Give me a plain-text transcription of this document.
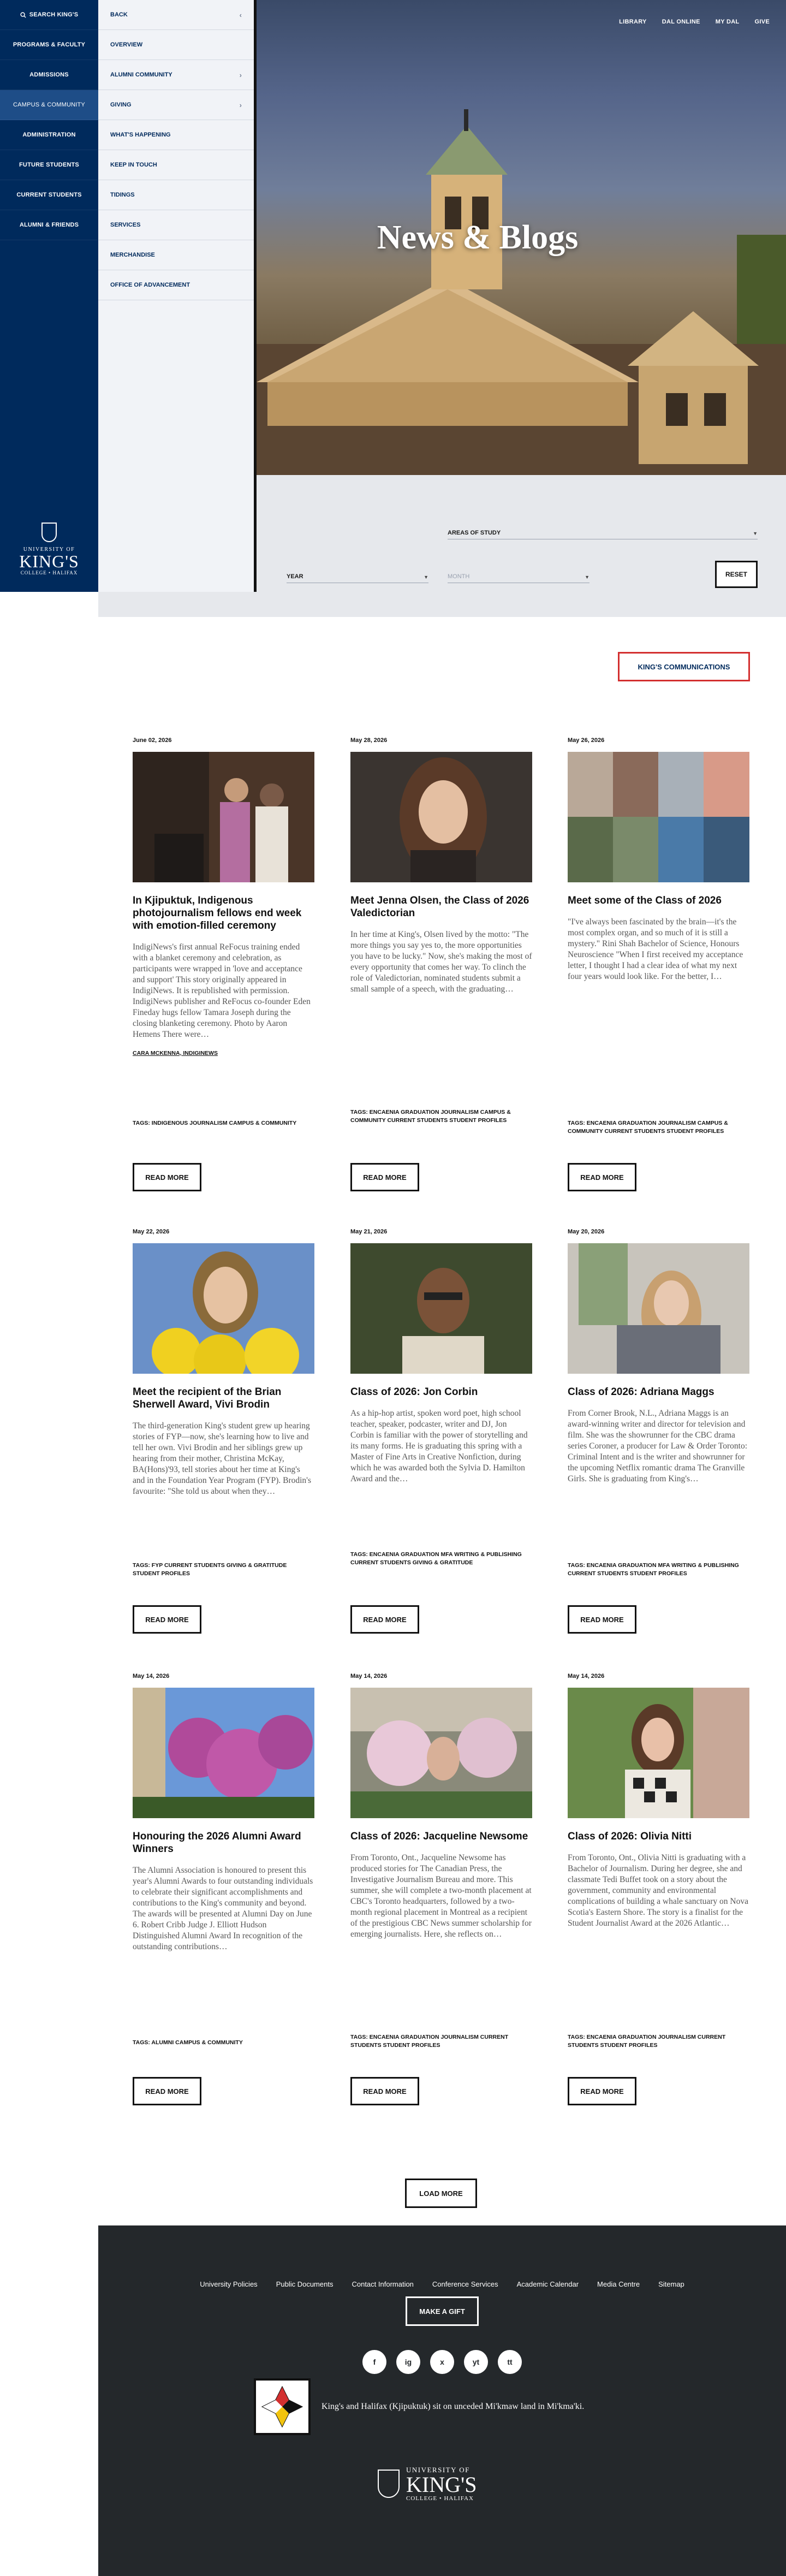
SEARCH KING'S
PROGRAMS & FACULTY
ADMISSIONS
CAMPUS & COMMUNITY
ADMINISTRATION
FUTURE STUDENTS
CURRENT STUDENTS
ALUMNI & FRIENDS
UNIVERSITY OF
KING'S
COLLEGE • HALIFAX
BACK	‹
OVERVIEW
ALUMNI COMMUNITY	›
GIVING	›
WHAT'S HAPPENING
KEEP IN TOUCH
TIDINGS
SERVICES
MERCHANDISE
OFFICE OF ADVANCEMENT
LIBRARY	DAL ONLINE	MY DAL	GIVE
News & Blogs
AREAS OF STUDY	▼
YEAR	▼	MONTH	▼	RESET
KING'S COMMUNICATIONS
June 02, 2026
In Kjipuktuk, Indigenous photojournalism fellows end week with emotion-filled ceremony

IndigiNews's first annual ReFocus training ended with a blanket ceremony and celebration, as participants were wrapped in 'love and acceptance and support' This story originally appeared in IndigiNews. It is republished with permission. IndigiNews publisher and ReFocus co-founder Eden Fineday hugs fellow Tamara Joseph during the closing blanketing ceremony. Photo by Aaron Hemens There were…

CARA MCKENNA, INDIGINEWS
TAGS: INDIGENOUS JOURNALISM CAMPUS & COMMUNITY
READ MORE
May 28, 2026
Meet Jenna Olsen, the Class of 2026 Valedictorian

In her time at King's, Olsen lived by the motto: "The more things you say yes to, the more opportunities you have to be lucky." Now, she's making the most of every opportunity that comes her way. To clinch the role of Valedictorian, nominated students submit a small sample of a speech, with the graduating…

TAGS: ENCAENIA GRADUATION JOURNALISM CAMPUS & COMMUNITY CURRENT STUDENTS STUDENT PROFILES
READ MORE
May 26, 2026
Meet some of the Class of 2026

"I've always been fascinated by the brain—it's the most complex organ, and so much of it is still a mystery." Rini Shah Bachelor of Science, Honours Neuroscience "When I first received my acceptance letter, I thought I had a clear idea of what my next four years would look like. For the better, I…

TAGS: ENCAENIA GRADUATION JOURNALISM CAMPUS & COMMUNITY CURRENT STUDENTS STUDENT PROFILES
READ MORE
May 22, 2026
Meet the recipient of the Brian Sherwell Award, Vivi Brodin

The third-generation King's student grew up hearing stories of FYP—now, she's learning how to live and tell her own. Vivi Brodin and her siblings grew up hearing from their mother, Christina McKay, BA(Hons)'93, tell stories about her time at King's and in the Foundation Year Program (FYP). Brodin's favourite: "She told us about when they…

TAGS: FYP CURRENT STUDENTS GIVING & GRATITUDE STUDENT PROFILES
READ MORE
May 21, 2026
Class of 2026: Jon Corbin

As a hip-hop artist, spoken word poet, high school teacher, speaker, podcaster, writer and DJ, Jon Corbin is familiar with the power of storytelling and its many forms. He is graduating this spring with a Master of Fine Arts in Creative Nonfiction, during which he was awarded both the Sylvia D. Hamilton Award and the…

TAGS: ENCAENIA GRADUATION MFA WRITING & PUBLISHING CURRENT STUDENTS GIVING & GRATITUDE
READ MORE
May 20, 2026
Class of 2026: Adriana Maggs

From Corner Brook, N.L., Adriana Maggs is an award-winning writer and director for television and film. She was the showrunner for the CBC drama series Coroner, a producer for Law & Order Toronto: Criminal Intent and is the writer and showrunner for the upcoming Netflix romantic drama The Granville Girls. She is graduating from King's…

TAGS: ENCAENIA GRADUATION MFA WRITING & PUBLISHING CURRENT STUDENTS STUDENT PROFILES
READ MORE
May 14, 2026
Honouring the 2026 Alumni Award Winners

The Alumni Association is honoured to present this year's Alumni Awards to four outstanding individuals to celebrate their significant accomplishments and contributions to the King's community and beyond. The awards will be presented at Alumni Day on June 6. Robert Cribb Judge J. Elliott Hudson Distinguished Alumni Award In recognition of the outstanding contributions…

TAGS: ALUMNI CAMPUS & COMMUNITY
READ MORE
May 14, 2026
Class of 2026: Jacqueline Newsome

From Toronto, Ont., Jacqueline Newsome has produced stories for The Canadian Press, the Investigative Journalism Bureau and more. This summer, she will complete a two-month placement at CBC's Toronto headquarters, followed by a two-month regional placement in Montreal as a recipient of the prestigious CBC News summer scholarship for emerging journalists. Here, she reflects on…

TAGS: ENCAENIA GRADUATION JOURNALISM CURRENT STUDENTS STUDENT PROFILES
READ MORE
May 14, 2026
Class of 2026: Olivia Nitti

From Toronto, Ont., Olivia Nitti is graduating with a Bachelor of Journalism. During her degree, she and classmate Tedi Buffet took on a story about the government, community and environmental complications of building a whale sanctuary on Nova Scotia's Eastern Shore. The story is a finalist for the Student Journalist Award at the 2026 Atlantic…

TAGS: ENCAENIA GRADUATION JOURNALISM CURRENT STUDENTS STUDENT PROFILES
READ MORE
LOAD MORE
University Policies	Public Documents	Contact Information	Conference Services	Academic Calendar	Media Centre	Sitemap
MAKE A GIFT
f	ig	x	yt	tt

King's and Halifax (Kjipuktuk) sit on unceded Mi'kmaw land in Mi'kma'ki.

UNIVERSITY OF
KING'S
COLLEGE • HALIFAX
